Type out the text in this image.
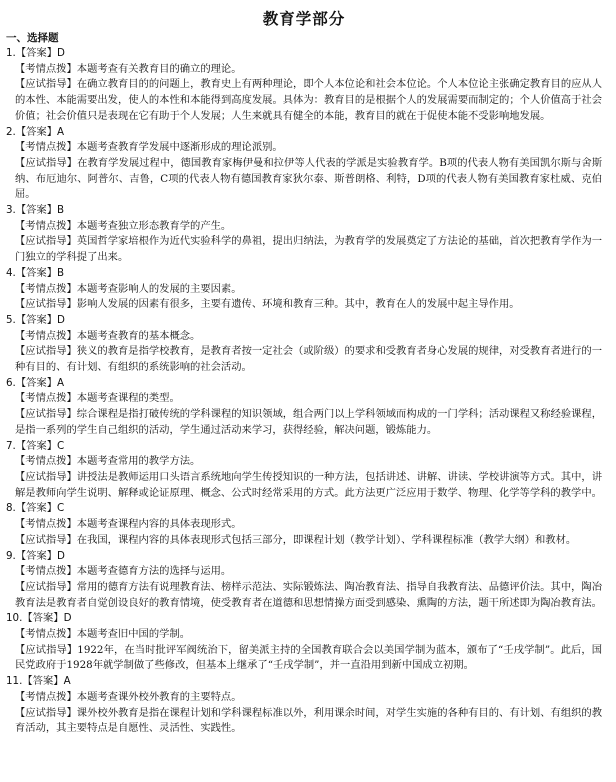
教育学部分
一、选择题
1.【答案】D
【考情点拨】本题考查有关教育目的确立的理论。
【应试指导】在确立教育目的的问题上，教育史上有两种理论，即个人本位论和社会本位论。个人本位论主张确定教育目的应从人的本性、本能需要出发，使人的本性和本能得到高度发展。具体为：教育目的是根据个人的发展需要而制定的；个人价值高于社会价值；社会价值只是表现在它有助于个人发展；人生来就具有健全的本能，教育目的就在于促使本能不受影响地发展。
2.【答案】A
【考情点拨】本题考查教育学发展中逐渐形成的理论派别。
【应试指导】在教育学发展过程中，德国教育家梅伊曼和拉伊等人代表的学派是实验教育学。B项的代表人物有美国凯尔斯与舍斯纳、布厄迪尔、阿普尔、吉鲁，C项的代表人物有德国教育家狄尔泰、斯普朗格、利特，D项的代表人物有美国教育家杜威、克伯屈。
3.【答案】B
【考情点拨】本题考查独立形态教育学的产生。
【应试指导】英国哲学家培根作为近代实验科学的鼻祖，提出归纳法，为教育学的发展奠定了方法论的基础，首次把教育学作为一门独立的学科提了出来。
4.【答案】B
【考情点拨】本题考查影响人的发展的主要因素。
【应试指导】影响人发展的因素有很多，主要有遗传、环境和教育三种。其中，教育在人的发展中起主导作用。
5.【答案】D
【考情点拨】本题考查教育的基本概念。
【应试指导】狭义的教育是指学校教育，是教育者按一定社会（或阶级）的要求和受教育者身心发展的规律，对受教育者进行的一种有目的、有计划、有组织的系统影响的社会活动。
6.【答案】A
【考情点拨】本题考查课程的类型。
【应试指导】综合课程是指打破传统的学科课程的知识领域，组合两门以上学科领域而构成的一门学科；活动课程又称经验课程，是指一系列的学生自己组织的活动，学生通过活动来学习，获得经验，解决问题，锻炼能力。
7.【答案】C
【考情点拨】本题考查常用的教学方法。
【应试指导】讲授法是教师运用口头语言系统地向学生传授知识的一种方法，包括讲述、讲解、讲读、学校讲演等方式。其中，讲解是教师向学生说明、解释或论证原理、概念、公式时经常采用的方式。此方法更广泛应用于数学、物理、化学等学科的教学中。
8.【答案】C
【考情点拨】本题考查课程内容的具体表现形式。
【应试指导】在我国，课程内容的具体表现形式包括三部分，即课程计划（教学计划）、学科课程标准（教学大纲）和教材。
9.【答案】D
【考情点拨】本题考查德育方法的选择与运用。
【应试指导】常用的德育方法有说理教育法、榜样示范法、实际锻炼法、陶冶教育法、指导自我教育法、品德评价法。其中，陶冶教育法是教育者自觉创设良好的教育情境，使受教育者在道德和思想情操方面受到感染、熏陶的方法，题干所述即为陶冶教育法。
10.【答案】D
【考情点拨】本题考查旧中国的学制。
【应试指导】1922年，在当时批评军阀统治下，留美派主持的全国教育联合会以美国学制为蓝本，颁布了“壬戌学制”。此后，国民党政府于1928年就学制做了些修改，但基本上继承了“壬戌学制”，并一直沿用到新中国成立初期。
11.【答案】A
【考情点拨】本题考查课外校外教育的主要特点。
【应试指导】课外校外教育是指在课程计划和学科课程标准以外，利用课余时间，对学生实施的各种有目的、有计划、有组织的教育活动，其主要特点是自愿性、灵活性、实践性。
